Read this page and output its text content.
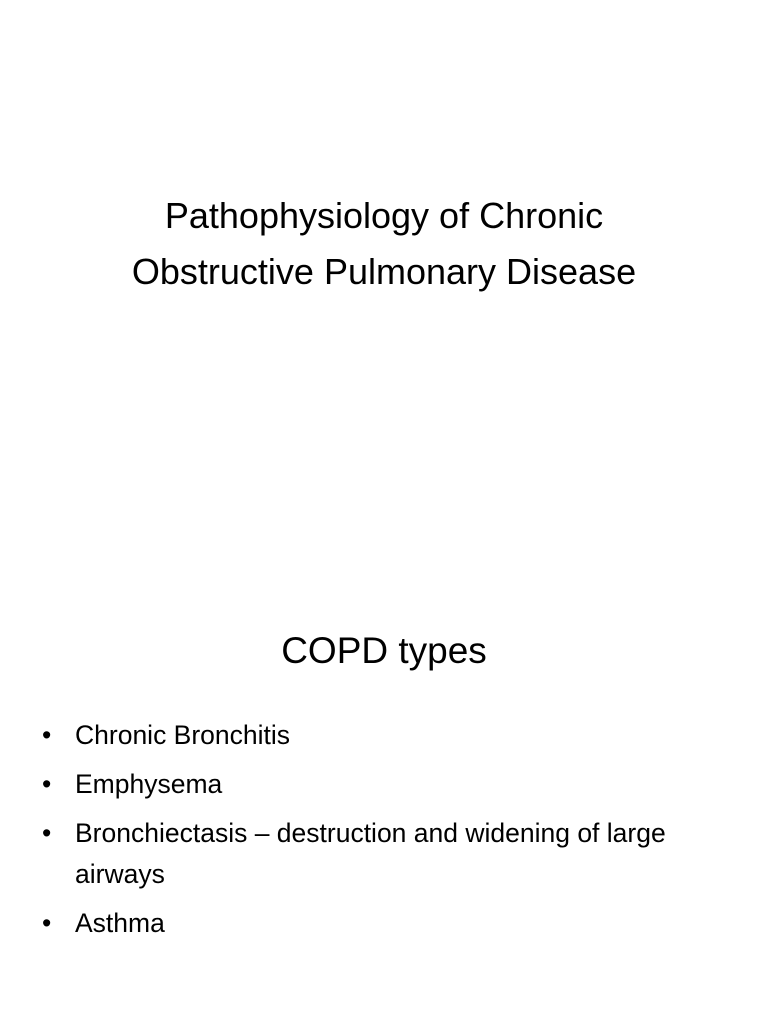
Pathophysiology of Chronic
Obstructive Pulmonary Disease
COPD types
• Chronic Bronchitis
• Emphysema
• Bronchiectasis – destruction and widening of large airways
• Asthma
